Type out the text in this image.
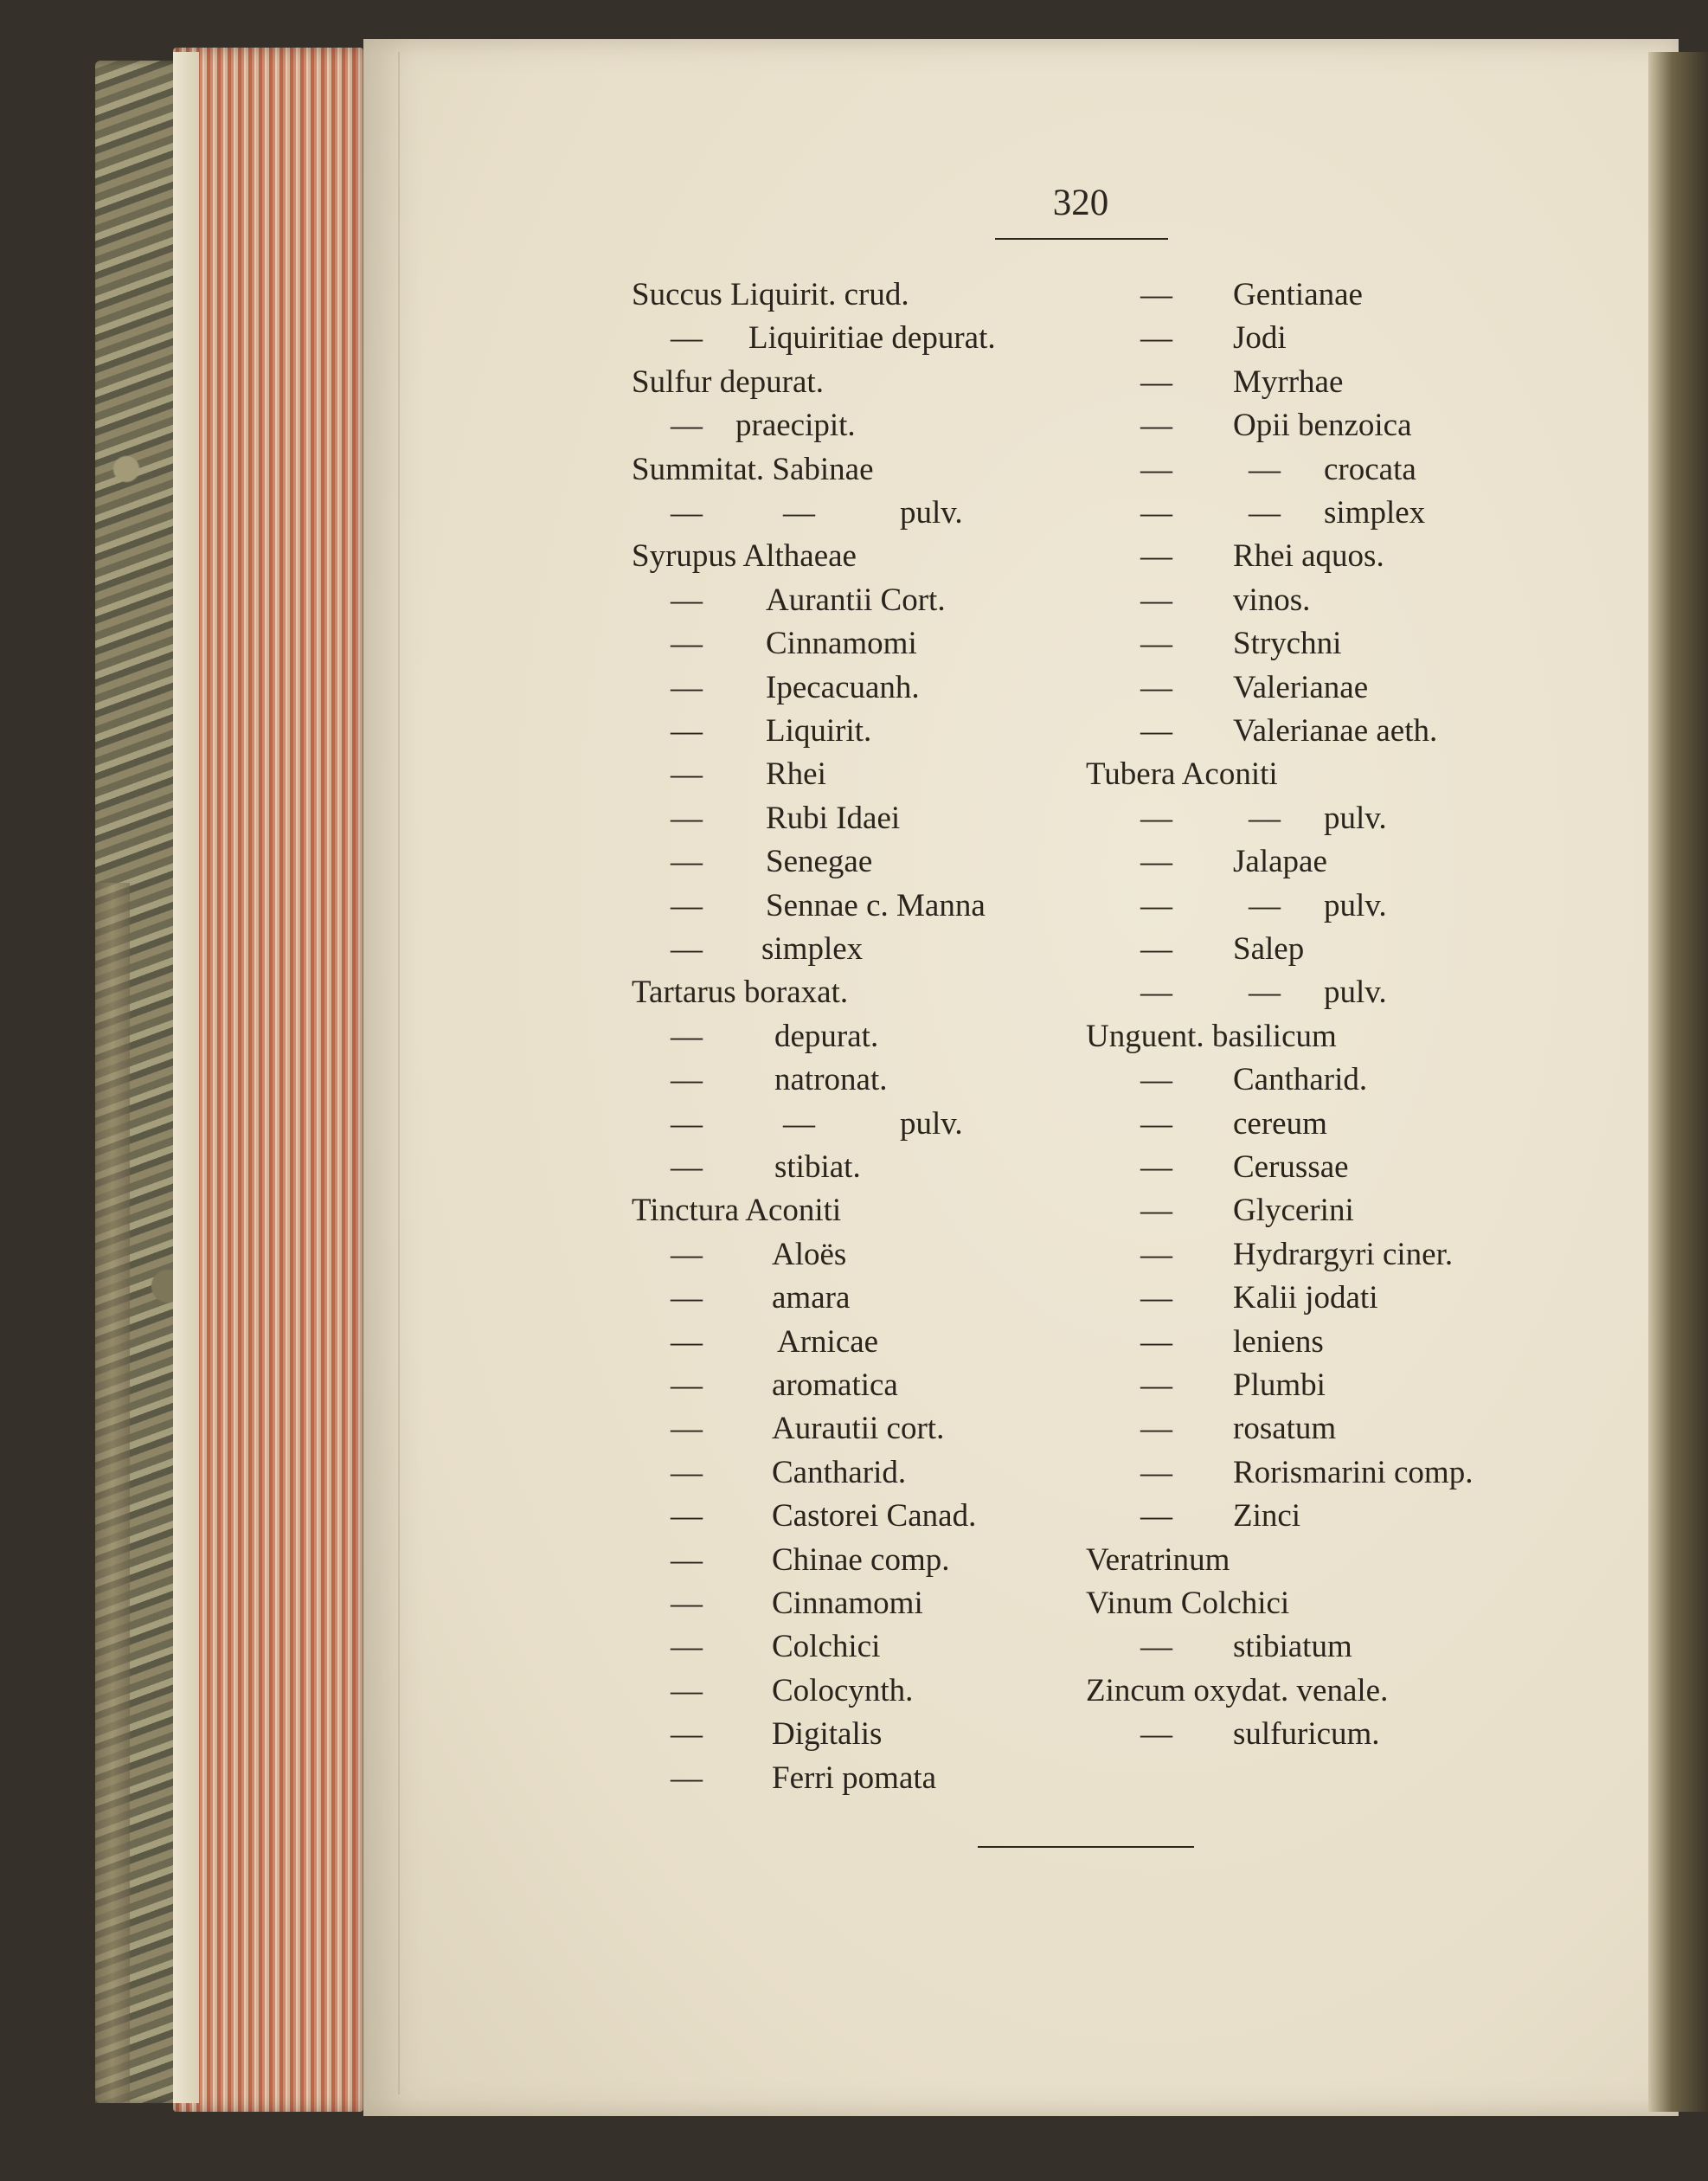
320
Succus Liquirit. crud.
— Liquiritiae depurat.
Sulfur depurat.
— praecipit.
Summitat. Sabinae
—	—	pulv.
Syrupus Althaeae
— Aurantii Cort.
— Cinnamomi
— Ipecacuanh.
— Liquirit.
— Rhei
— Rubi Idaei
— Senegae
— Sennae c. Manna
— simplex
Tartarus boraxat.
— depurat.
— natronat.
—	—	pulv.
— stibiat.
Tinctura Aconiti
— Aloës
— amara
— Arnicae
— aromatica
— Aurautii cort.
— Cantharid.
— Castorei Canad.
— Chinae comp.
— Cinnamomi
— Colchici
— Colocynth.
— Digitalis
— Ferri pomata
— Gentianae
— Jodi
— Myrrhae
— Opii benzoica
— — crocata
— — simplex
— Rhei aquos.
— vinos.
— Strychni
— Valerianae
— Valerianae aeth.
Tubera Aconiti
— — pulv.
— Jalapae
— — pulv.
— Salep
— — pulv.
Unguent. basilicum
— Cantharid.
— cereum
— Cerussae
— Glycerini
— Hydrargyri ciner.
— Kalii jodati
— leniens
— Plumbi
— rosatum
— Rorismarini comp.
— Zinci
Veratrinum
Vinum Colchici
— stibiatum
Zincum oxydat. venale.
— sulfuricum.
